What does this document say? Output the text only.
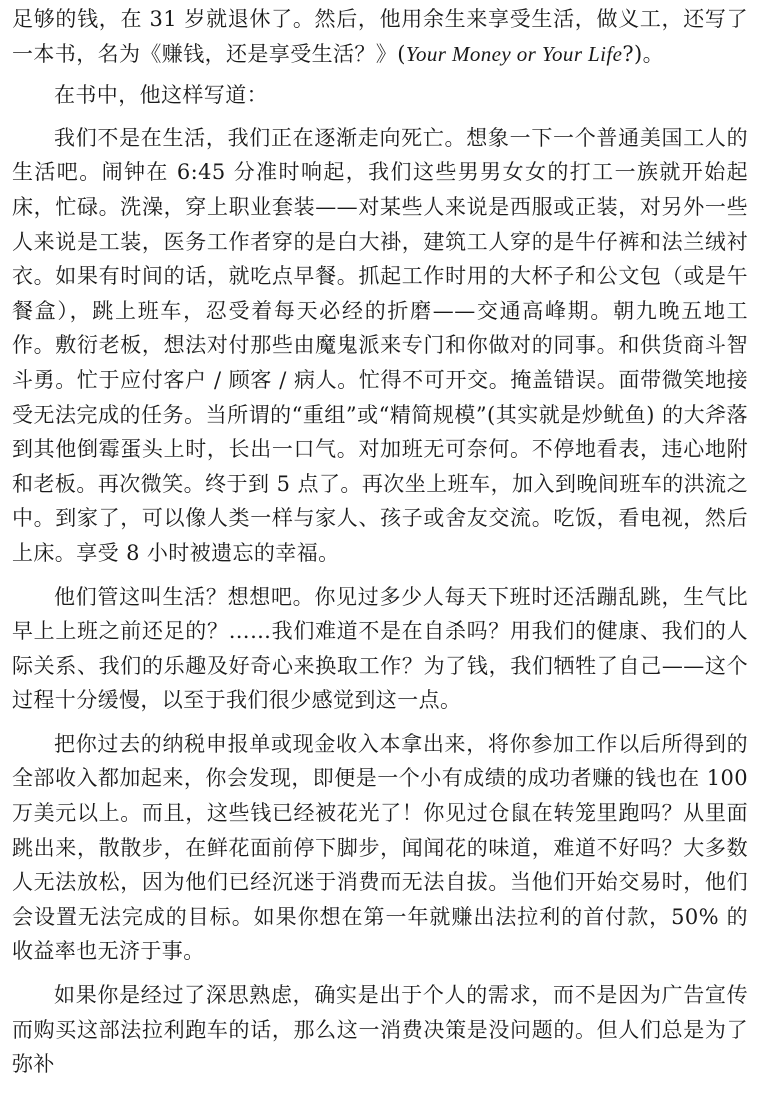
足够的钱，在 31 岁就退休了。然后，他用余生来享受生活，做义工，还写了一本书，名为《赚钱，还是享受生活？》(Your Money or Your Life?)。

在书中，他这样写道：

我们不是在生活，我们正在逐渐走向死亡。想象一下一个普通美国工人的生活吧。闹钟在 6:45 分准时响起，我们这些男男女女的打工一族就开始起床，忙碌。洗澡，穿上职业套装——对某些人来说是西服或正装，对另外一些人来说是工装，医务工作者穿的是白大褂，建筑工人穿的是牛仔裤和法兰绒衬衣。如果有时间的话，就吃点早餐。抓起工作时用的大杯子和公文包（或是午餐盒），跳上班车，忍受着每天必经的折磨——交通高峰期。朝九晚五地工作。敷衍老板，想法对付那些由魔鬼派来专门和你做对的同事。和供货商斗智斗勇。忙于应付客户 / 顾客 / 病人。忙得不可开交。掩盖错误。面带微笑地接受无法完成的任务。当所谓的“重组”或“精简规模”(其实就是炒鱿鱼) 的大斧落到其他倒霉蛋头上时，长出一口气。对加班无可奈何。不停地看表，违心地附和老板。再次微笑。终于到 5 点了。再次坐上班车，加入到晚间班车的洪流之中。到家了，可以像人类一样与家人、孩子或舍友交流。吃饭，看电视，然后上床。享受 8 小时被遗忘的幸福。

他们管这叫生活？想想吧。你见过多少人每天下班时还活蹦乱跳，生气比早上上班之前还足的？……我们难道不是在自杀吗？用我们的健康、我们的人际关系、我们的乐趣及好奇心来换取工作？为了钱，我们牺牲了自己——这个过程十分缓慢，以至于我们很少感觉到这一点。

把你过去的纳税申报单或现金收入本拿出来，将你参加工作以后所得到的全部收入都加起来，你会发现，即便是一个小有成绩的成功者赚的钱也在 100 万美元以上。而且，这些钱已经被花光了！你见过仓鼠在转笼里跑吗？从里面跳出来，散散步，在鲜花面前停下脚步，闻闻花的味道，难道不好吗？大多数人无法放松，因为他们已经沉迷于消费而无法自拔。当他们开始交易时，他们会设置无法完成的目标。如果你想在第一年就赚出法拉利的首付款，50% 的收益率也无济于事。

如果你是经过了深思熟虑，确实是出于个人的需求，而不是因为广告宣传而购买这部法拉利跑车的话，那么这一消费决策是没问题的。但人们总是为了弥补
